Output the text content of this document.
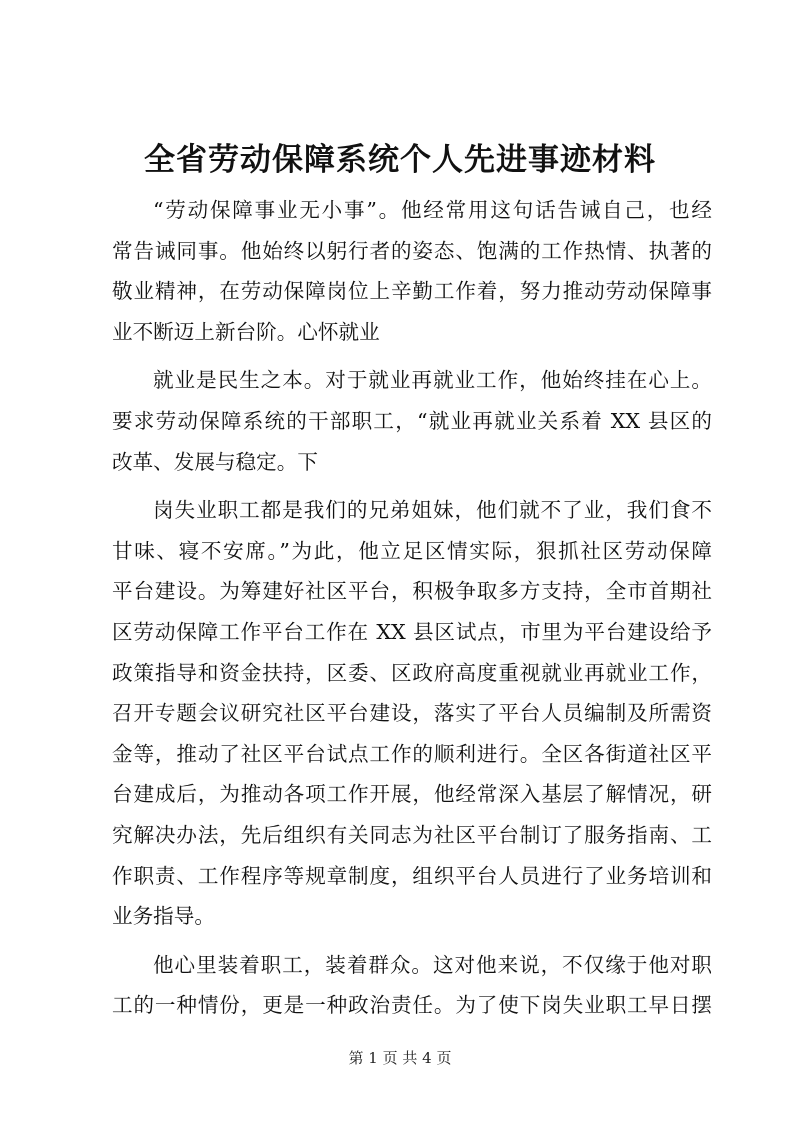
全省劳动保障系统个人先进事迹材料
“劳动保障事业无小事”。他经常用这句话告诫自己，也经
常告诫同事。他始终以躬行者的姿态、饱满的工作热情、执著的
敬业精神，在劳动保障岗位上辛勤工作着，努力推动劳动保障事
业不断迈上新台阶。心怀就业
就业是民生之本。对于就业再就业工作，他始终挂在心上。
要求劳动保障系统的干部职工，“就业再就业关系着 XX 县区的
改革、发展与稳定。下
岗失业职工都是我们的兄弟姐妹，他们就不了业，我们食不
甘味、寝不安席。”为此，他立足区情实际，狠抓社区劳动保障
平台建设。为筹建好社区平台，积极争取多方支持，全市首期社
区劳动保障工作平台工作在 XX 县区试点，市里为平台建设给予
政策指导和资金扶持，区委、区政府高度重视就业再就业工作，
召开专题会议研究社区平台建设，落实了平台人员编制及所需资
金等，推动了社区平台试点工作的顺利进行。全区各街道社区平
台建成后，为推动各项工作开展，他经常深入基层了解情况，研
究解决办法，先后组织有关同志为社区平台制订了服务指南、工
作职责、工作程序等规章制度，组织平台人员进行了业务培训和
业务指导。
他心里装着职工，装着群众。这对他来说，不仅缘于他对职
工的一种情份，更是一种政治责任。为了使下岗失业职工早日摆
第 1 页 共 4 页
